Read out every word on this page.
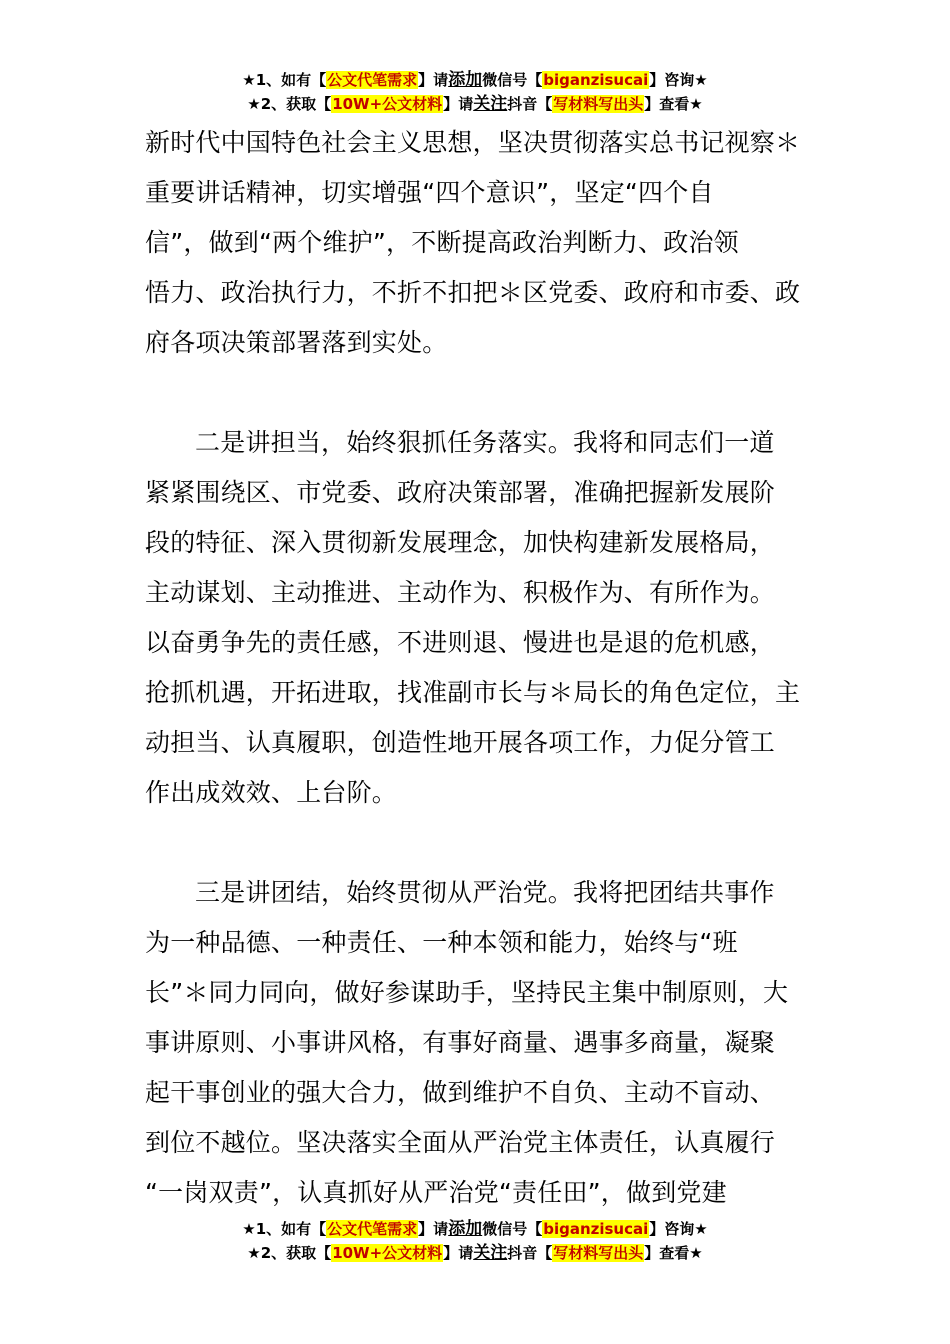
★1、如有【公文代笔需求】请添加微信号【biganzisucai】咨询★
★2、获取【10W+公文材料】请关注抖音【写材料写出头】查看★

新时代中国特色社会主义思想，坚决贯彻落实总书记视察＊
重要讲话精神，切实增强“四个意识”，坚定“四个自
信”，做到“两个维护”，不断提高政治判断力、政治领
悟力、政治执行力，不折不扣把＊区党委、政府和市委、政
府各项决策部署落到实处。

二是讲担当，始终狠抓任务落实。我将和同志们一道
紧紧围绕区、市党委、政府决策部署，准确把握新发展阶
段的特征、深入贯彻新发展理念，加快构建新发展格局，
主动谋划、主动推进、主动作为、积极作为、有所作为。
以奋勇争先的责任感，不进则退、慢进也是退的危机感，
抢抓机遇，开拓进取，找准副市长与＊局长的角色定位，主
动担当、认真履职，创造性地开展各项工作，力促分管工
作出成效效、上台阶。

三是讲团结，始终贯彻从严治党。我将把团结共事作
为一种品德、一种责任、一种本领和能力，始终与“班
长”＊同力同向，做好参谋助手，坚持民主集中制原则，大
事讲原则、小事讲风格，有事好商量、遇事多商量，凝聚
起干事创业的强大合力，做到维护不自负、主动不盲动、
到位不越位。坚决落实全面从严治党主体责任，认真履行
“一岗双责”，认真抓好从严治党“责任田”，做到党建

★1、如有【公文代笔需求】请添加微信号【biganzisucai】咨询★
★2、获取【10W+公文材料】请关注抖音【写材料写出头】查看★
